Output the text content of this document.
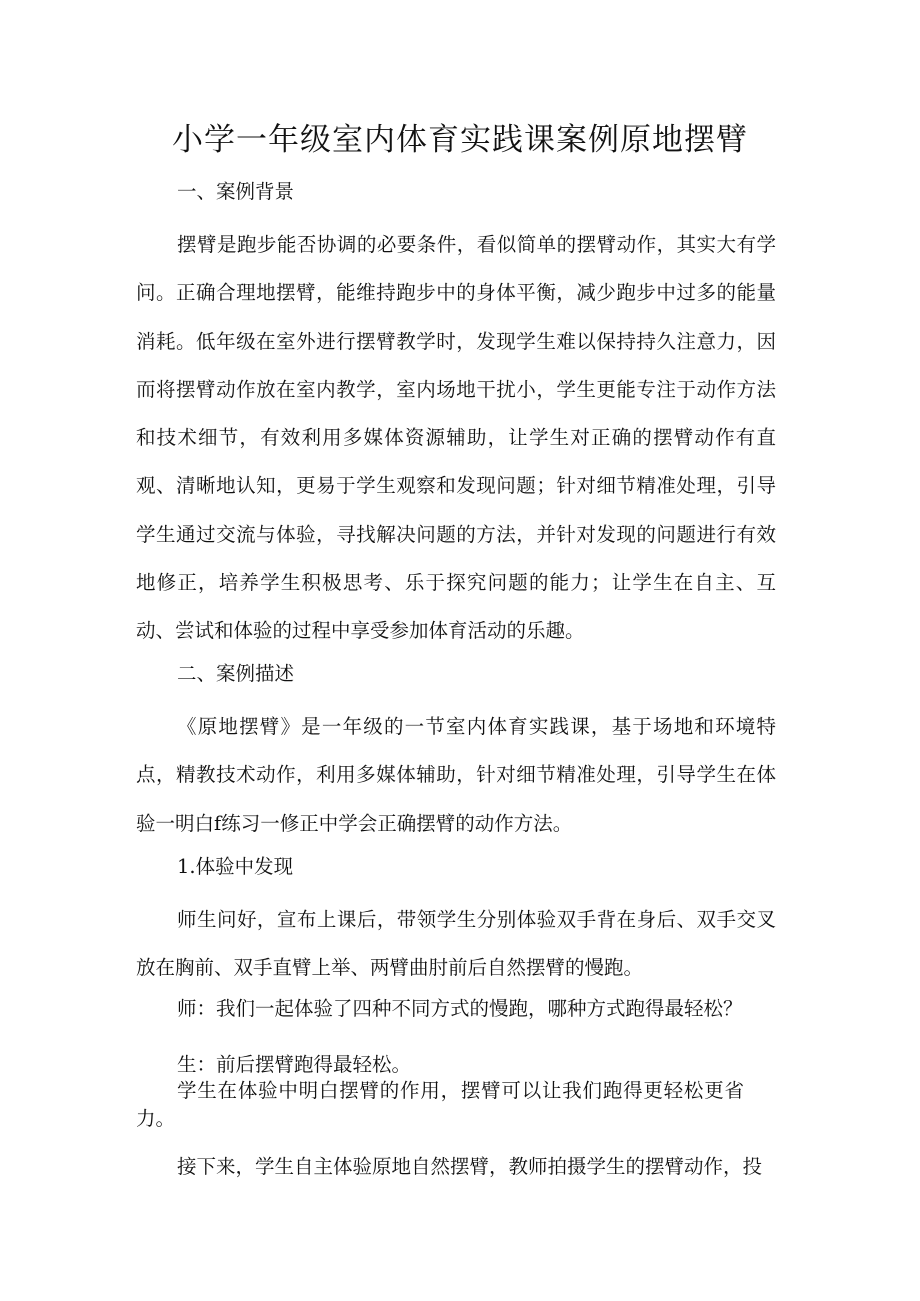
小学一年级室内体育实践课案例原地摆臂

一、案例背景

摆臂是跑步能否协调的必要条件，看似简单的摆臂动作，其实大有学问。正确合理地摆臂，能维持跑步中的身体平衡，减少跑步中过多的能量消耗。低年级在室外进行摆臂教学时，发现学生难以保持持久注意力，因而将摆臂动作放在室内教学，室内场地干扰小，学生更能专注于动作方法和技术细节，有效利用多媒体资源辅助，让学生对正确的摆臂动作有直观、清晰地认知，更易于学生观察和发现问题；针对细节精准处理，引导学生通过交流与体验，寻找解决问题的方法，并针对发现的问题进行有效地修正，培养学生积极思考、乐于探究问题的能力；让学生在自主、互动、尝试和体验的过程中享受参加体育活动的乐趣。

二、案例描述

《原地摆臂》是一年级的一节室内体育实践课，基于场地和环境特点，精教技术动作，利用多媒体辅助，针对细节精准处理，引导学生在体验一明白f练习一修正中学会正确摆臂的动作方法。

1.体验中发现

师生问好，宣布上课后，带领学生分别体验双手背在身后、双手交叉放在胸前、双手直臂上举、两臂曲肘前后自然摆臂的慢跑。

师：我们一起体验了四种不同方式的慢跑，哪种方式跑得最轻松？

生：前后摆臂跑得最轻松。

学生在体验中明白摆臂的作用，摆臂可以让我们跑得更轻松更省力。

接下来，学生自主体验原地自然摆臂，教师拍摄学生的摆臂动作，投
